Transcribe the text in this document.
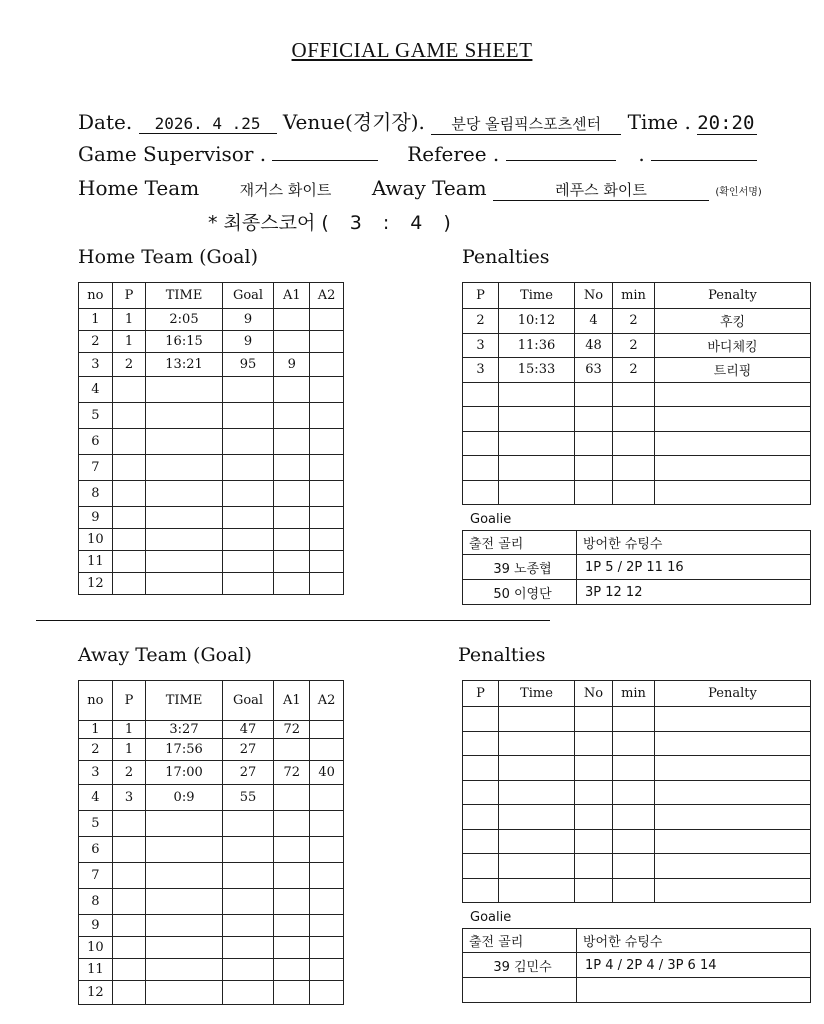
OFFICIAL GAME SHEET
Date. 2026. 4 .25 Venue(경기장). 분당 올림픽스포츠센터 Time . 20:20
Game Supervisor .	Referee .	.
Home Team	재거스 화이트 Away Team	레푸스 화이트	(확인서명)
* 최종스코어 ( 3 : 4 )
Home Team (Goal)	Penalties
Away Team (Goal)	Penalties
no	P	TIME	Goal	A1	A2
1	1	2:05	9		
2	1	16:15	9		
3	2	13:21	95	9	
4					
5					
6					
7					
8					
9					
10					
11					
12					
P	Time	No	min	Penalty
2	10:12	4	2	후킹
3	11:36	48	2	바디체킹
3	15:33	63	2	트리핑

Goalie
출전 골리	방어한 슈팅수
39 노종협	1P 5 / 2P 11 16
50 이영단	3P 12 12
no	P	TIME	Goal	A1	A2
1	1	3:27	47	72	
2	1	17:56	27		
3	2	17:00	27	72	40
4	3	0:9	55		
5					
6					
7					
8					
9					
10					
11					
12					
P	Time	No	min	Penalty

Goalie
출전 골리	방어한 슈팅수
39 김민수	1P 4 / 2P 4 / 3P 6 14
